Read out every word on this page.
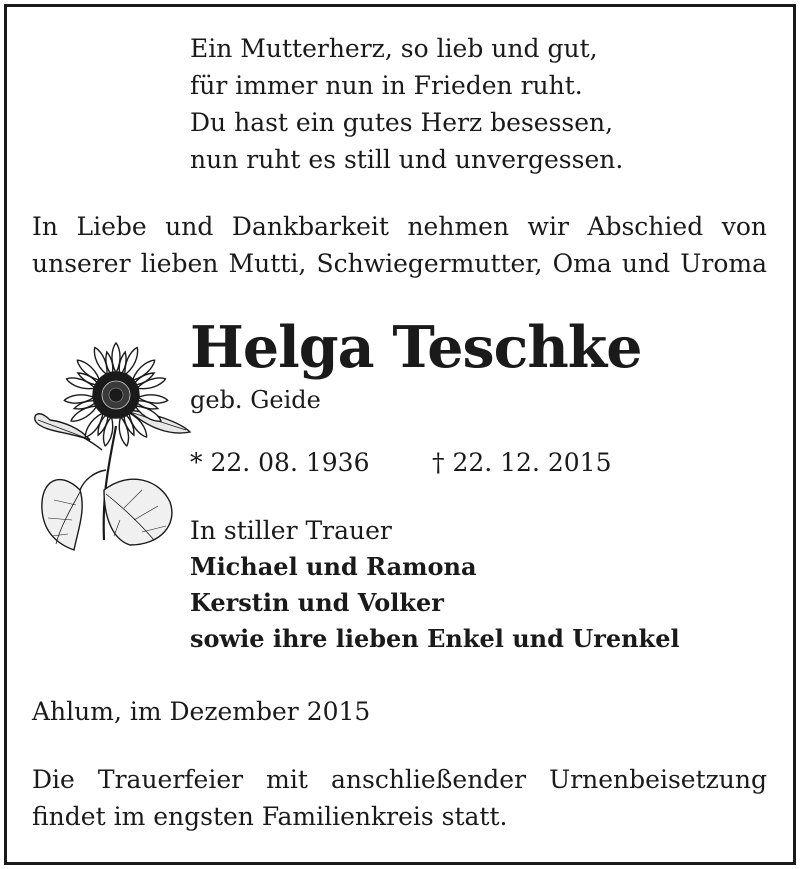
Ein Mutterherz, so lieb und gut,
für immer nun in Frieden ruht.
Du hast ein gutes Herz besessen,
nun ruht es still und unvergessen.
In Liebe und Dankbarkeit nehmen wir Abschied von
unserer lieben Mutti, Schwiegermutter, Oma und Uroma
Helga Teschke
geb. Geide
* 22. 08. 1936	† 22. 12. 2015
In stiller Trauer
Michael und Ramona
Kerstin und Volker
sowie ihre lieben Enkel und Urenkel
Ahlum, im Dezember 2015
Die Trauerfeier mit anschließender Urnenbeisetzung
findet im engsten Familienkreis statt.
